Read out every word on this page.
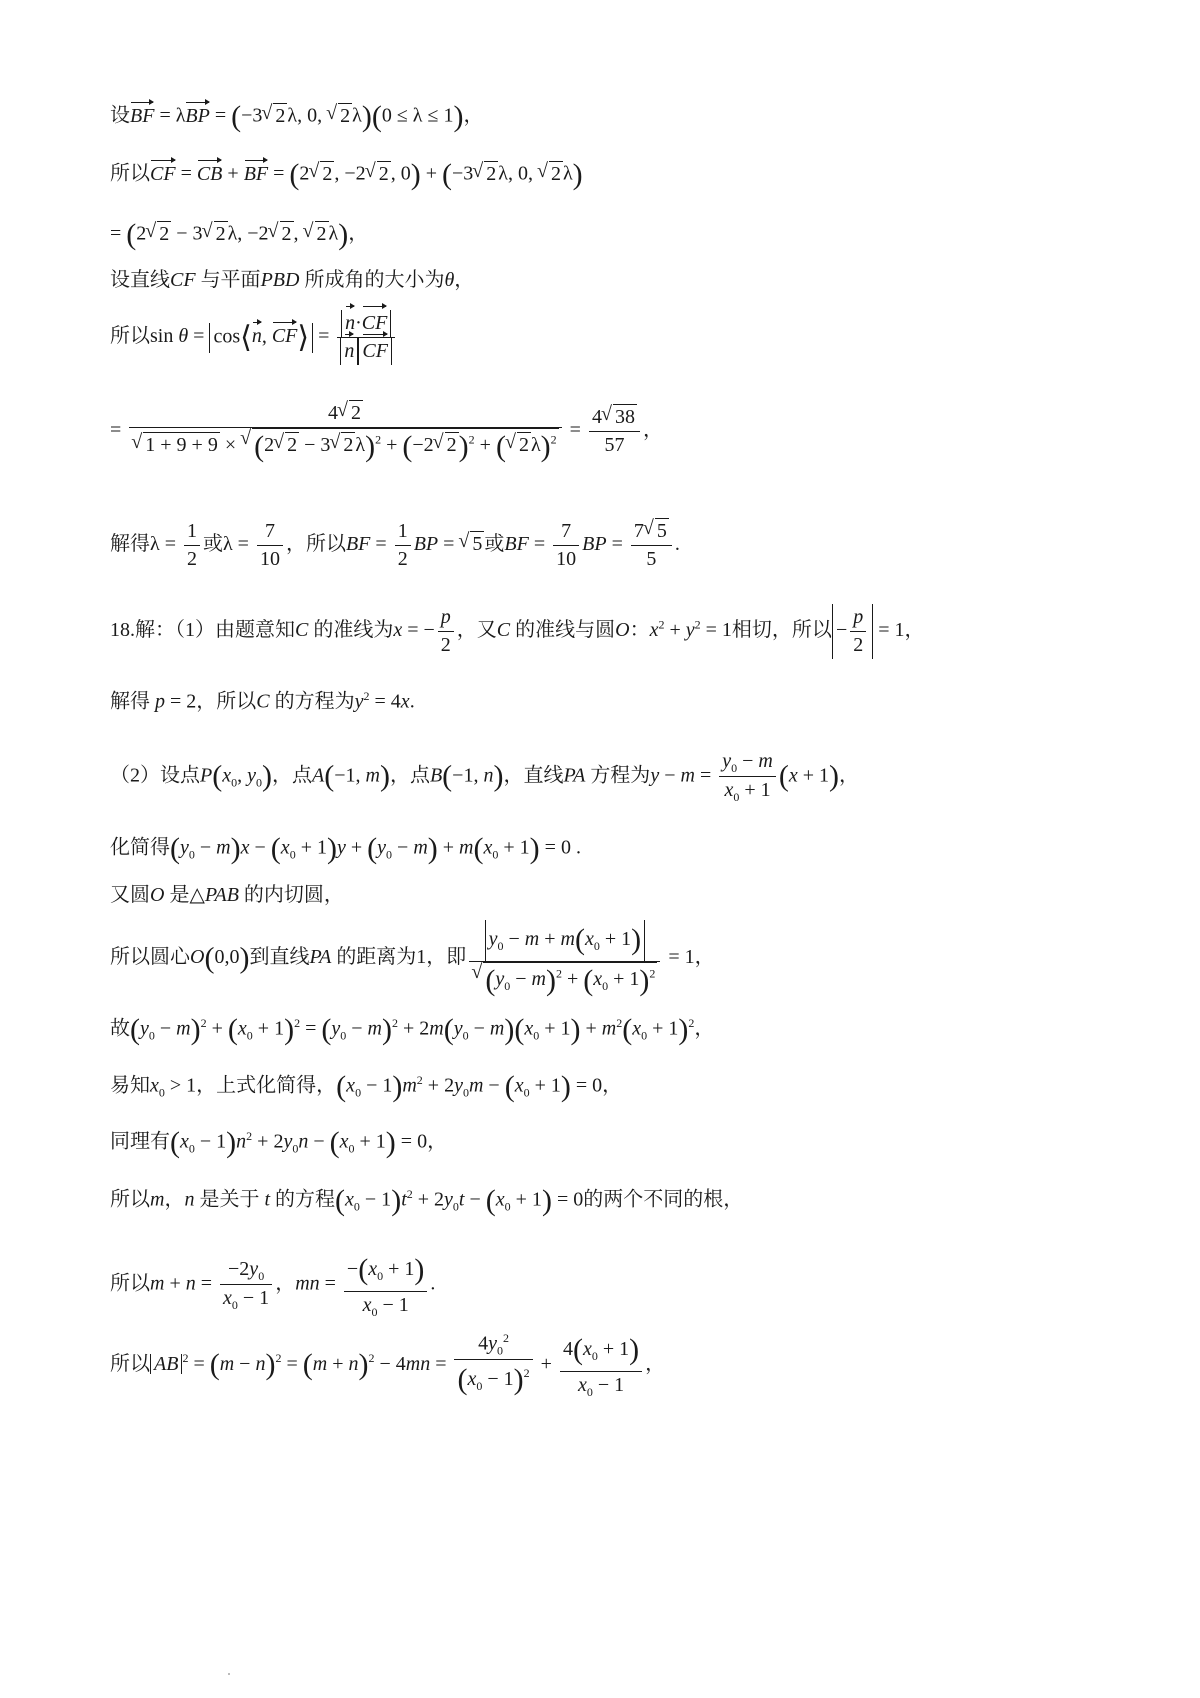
设BF = λBP = (−3 √ 2 λ, 0, √ 2 λ)(0 ≤ λ ≤ 1)，
所以CF = CB + BF = (2 √ 2 , −2 √ 2 , 0) + (−3 √ 2 λ, 0, √ 2 λ)
= (2 √ 2 − 3 √ 2 λ, −2 √ 2 , √ 2 λ)，
设直线CF 与平面PBD 所成角的大小为θ，
所以sin θ = cos⟨n, CF⟩ = $\frac{n\cdot CF}{\text{n CF}}$
= 4 √ 2
√ 1 + 9 + 9 × √ (2 √ 2 − 3 √ 2 λ)$^2$ + (−2 √ 2)$^2$ + ( √ 2 $\lambda)^2 = \frac{4 √ 38}{57}$ ，
解得$\lambda = \frac{1}{2}$ 或$\lambda = \frac{7}{10}$ ，所以BF = $\frac{1}{2}$ BP = √ 5 或BF = $\frac{7}{10}$ BP = $\frac{7 √ 5}{5}$ .
18.解：（1）由题意知C 的准线为x = − $\frac{p}{2}$ ，又C 的准线与圆O：$x^2 + y^2 = 1$相切，所以 − $\frac{p}{2} = 1$，
解得 p = 2，所以C 的方程为$y^2 = 4x$.
（2）设点$P(x_0$, $y_0$)，点A(−1, m)，点B(−1, n)，直线PA 方程为$y - m = \frac{y_0 - m}{x_0 + 1} (x + 1)$，
化简得$(y_0 - m)x - (x_0 + 1)y + (y_0 - m) + m(x_0 + 1) = 0$ .
又圆O 是△PAB 的内切圆，
所以圆心O(0,0)到直线PA 的距离为1，即 $y_0 - m + m(x_0 + 1)$
√ $(y_0 - m)^2 + (x_0 + 1)^2 = 1$，
故$(y_0 - m)^2 + (x_0 + 1)^2 = (y_0 - m)^2 + 2m(y_0 - m)(x_0 + 1) + m^2(x_0 + 1)^2$，
易知$x_0 > 1$，上式化简得，$(x_0 - 1)m^2 + 2y_0m - (x_0 + 1) = 0$，
同理有$(x_0 - 1)n^2 + 2y_0n - (x_0 + 1) = 0$，
所以m，n 是关于 t 的方程$(x_0 - 1)t^2 + 2y_0t - (x_0 + 1) = 0$的两个不同的根，
所以$m + n = \frac{-2y_0}{x_0 - 1}$ ，mn = $\frac{-(x_0 + 1)}{x_0 - 1}$ .
所以 AB $^2 = (m - n)^2 = (m + n)^2 - 4mn = \frac{4y_0^2}{(x_0 - 1)^2} + \frac{4(x_0 + 1)}{x_0 - 1}$ ，
